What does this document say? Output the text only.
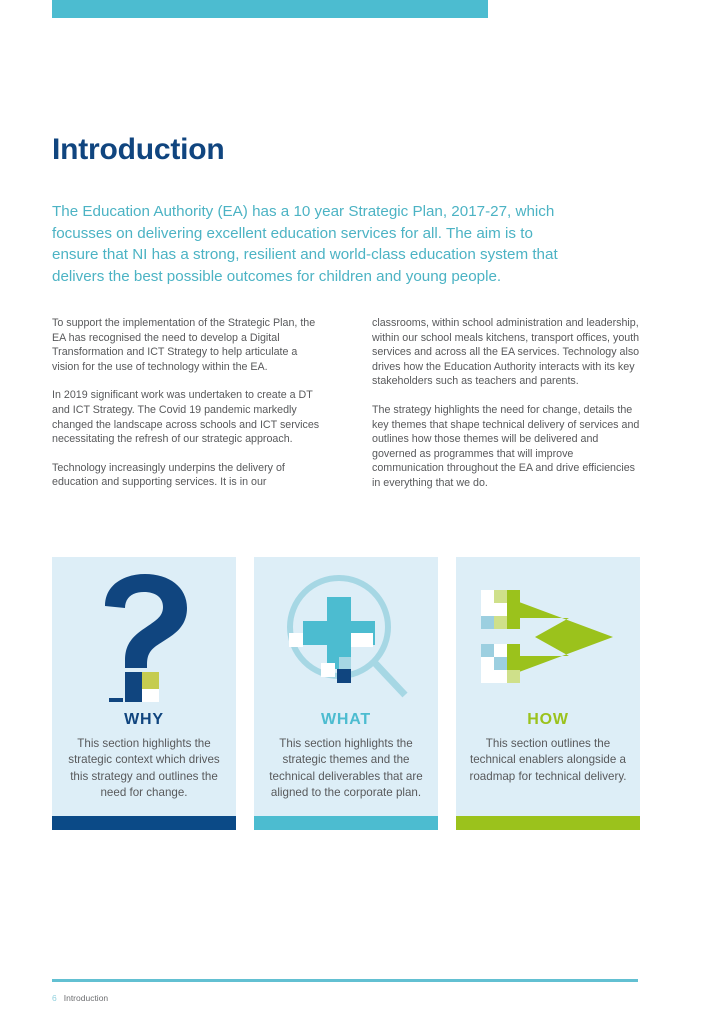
Introduction
The Education Authority (EA) has a 10 year Strategic Plan, 2017-27, which focusses on delivering excellent education services for all. The aim is to ensure that NI has a strong, resilient and world-class education system that delivers the best possible outcomes for children and young people.

To support the implementation of the Strategic Plan, the EA has recognised the need to develop a Digital Transformation and ICT Strategy to help articulate a vision for the use of technology within the EA.

In 2019 significant work was undertaken to create a DT and ICT Strategy. The Covid 19 pandemic markedly changed the landscape across schools and ICT services necessitating the refresh of our strategic approach.

Technology increasingly underpins the delivery of education and supporting services. It is in our

classrooms, within school administration and leadership, within our school meals kitchens, transport offices, youth services and across all the EA services. Technology also drives how the Education Authority interacts with its key stakeholders such as teachers and parents.

The strategy highlights the need for change, details the key themes that shape technical delivery of services and outlines how those themes will be delivered and governed as programmes that will improve communication throughout the EA and drive efficiencies in everything that we do.

WHY
This section highlights the strategic context which drives this strategy and outlines the need for change.
WHAT
This section highlights the strategic themes and the technical deliverables that are aligned to the corporate plan.
HOW
This section outlines the technical enablers alongside a roadmap for technical delivery.
6 Introduction
